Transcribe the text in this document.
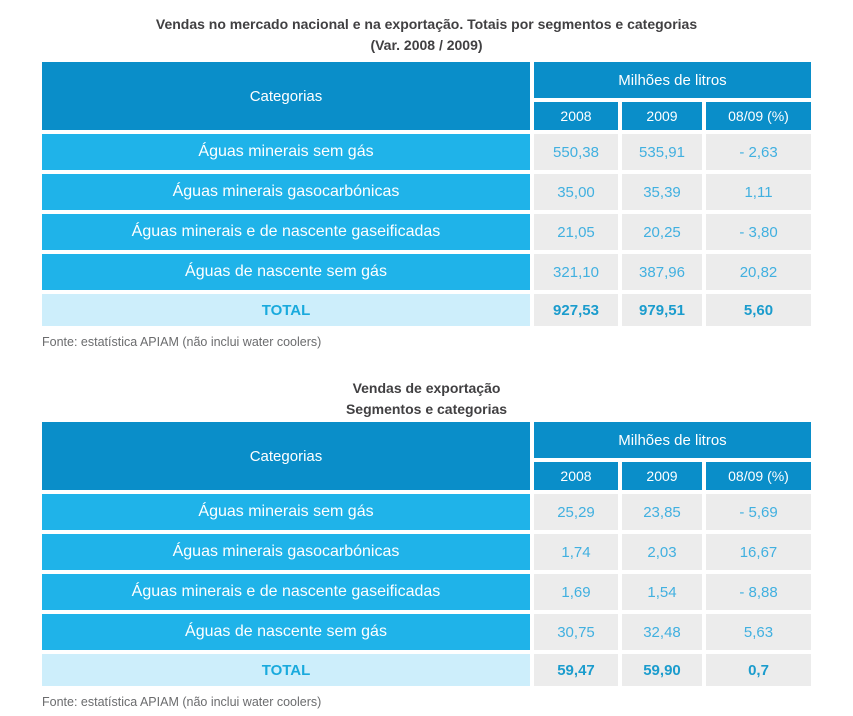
Vendas no mercado nacional e na exportação. Totais por segmentos e categorias
(Var. 2008 / 2009)
Categorias
Milhões de litros
2008	2009	08/09 (%)
Águas minerais sem gás	550,38	535,91	- 2,63
Águas minerais gasocarbónicas	35,00	35,39	1,11
Águas minerais e de nascente gaseificadas	21,05	20,25	- 3,80
Águas de nascente sem gás	321,10	387,96	20,82
TOTAL	927,53	979,51	5,60
Fonte: estatística APIAM (não inclui water coolers)
Vendas de exportação
Segmentos e categorias
Categorias
Milhões de litros
2008	2009	08/09 (%)
Águas minerais sem gás	25,29	23,85	- 5,69
Águas minerais gasocarbónicas	1,74	2,03	16,67
Águas minerais e de nascente gaseificadas	1,69	1,54	- 8,88
Águas de nascente sem gás	30,75	32,48	5,63
TOTAL	59,47	59,90	0,7
Fonte: estatística APIAM (não inclui water coolers)
